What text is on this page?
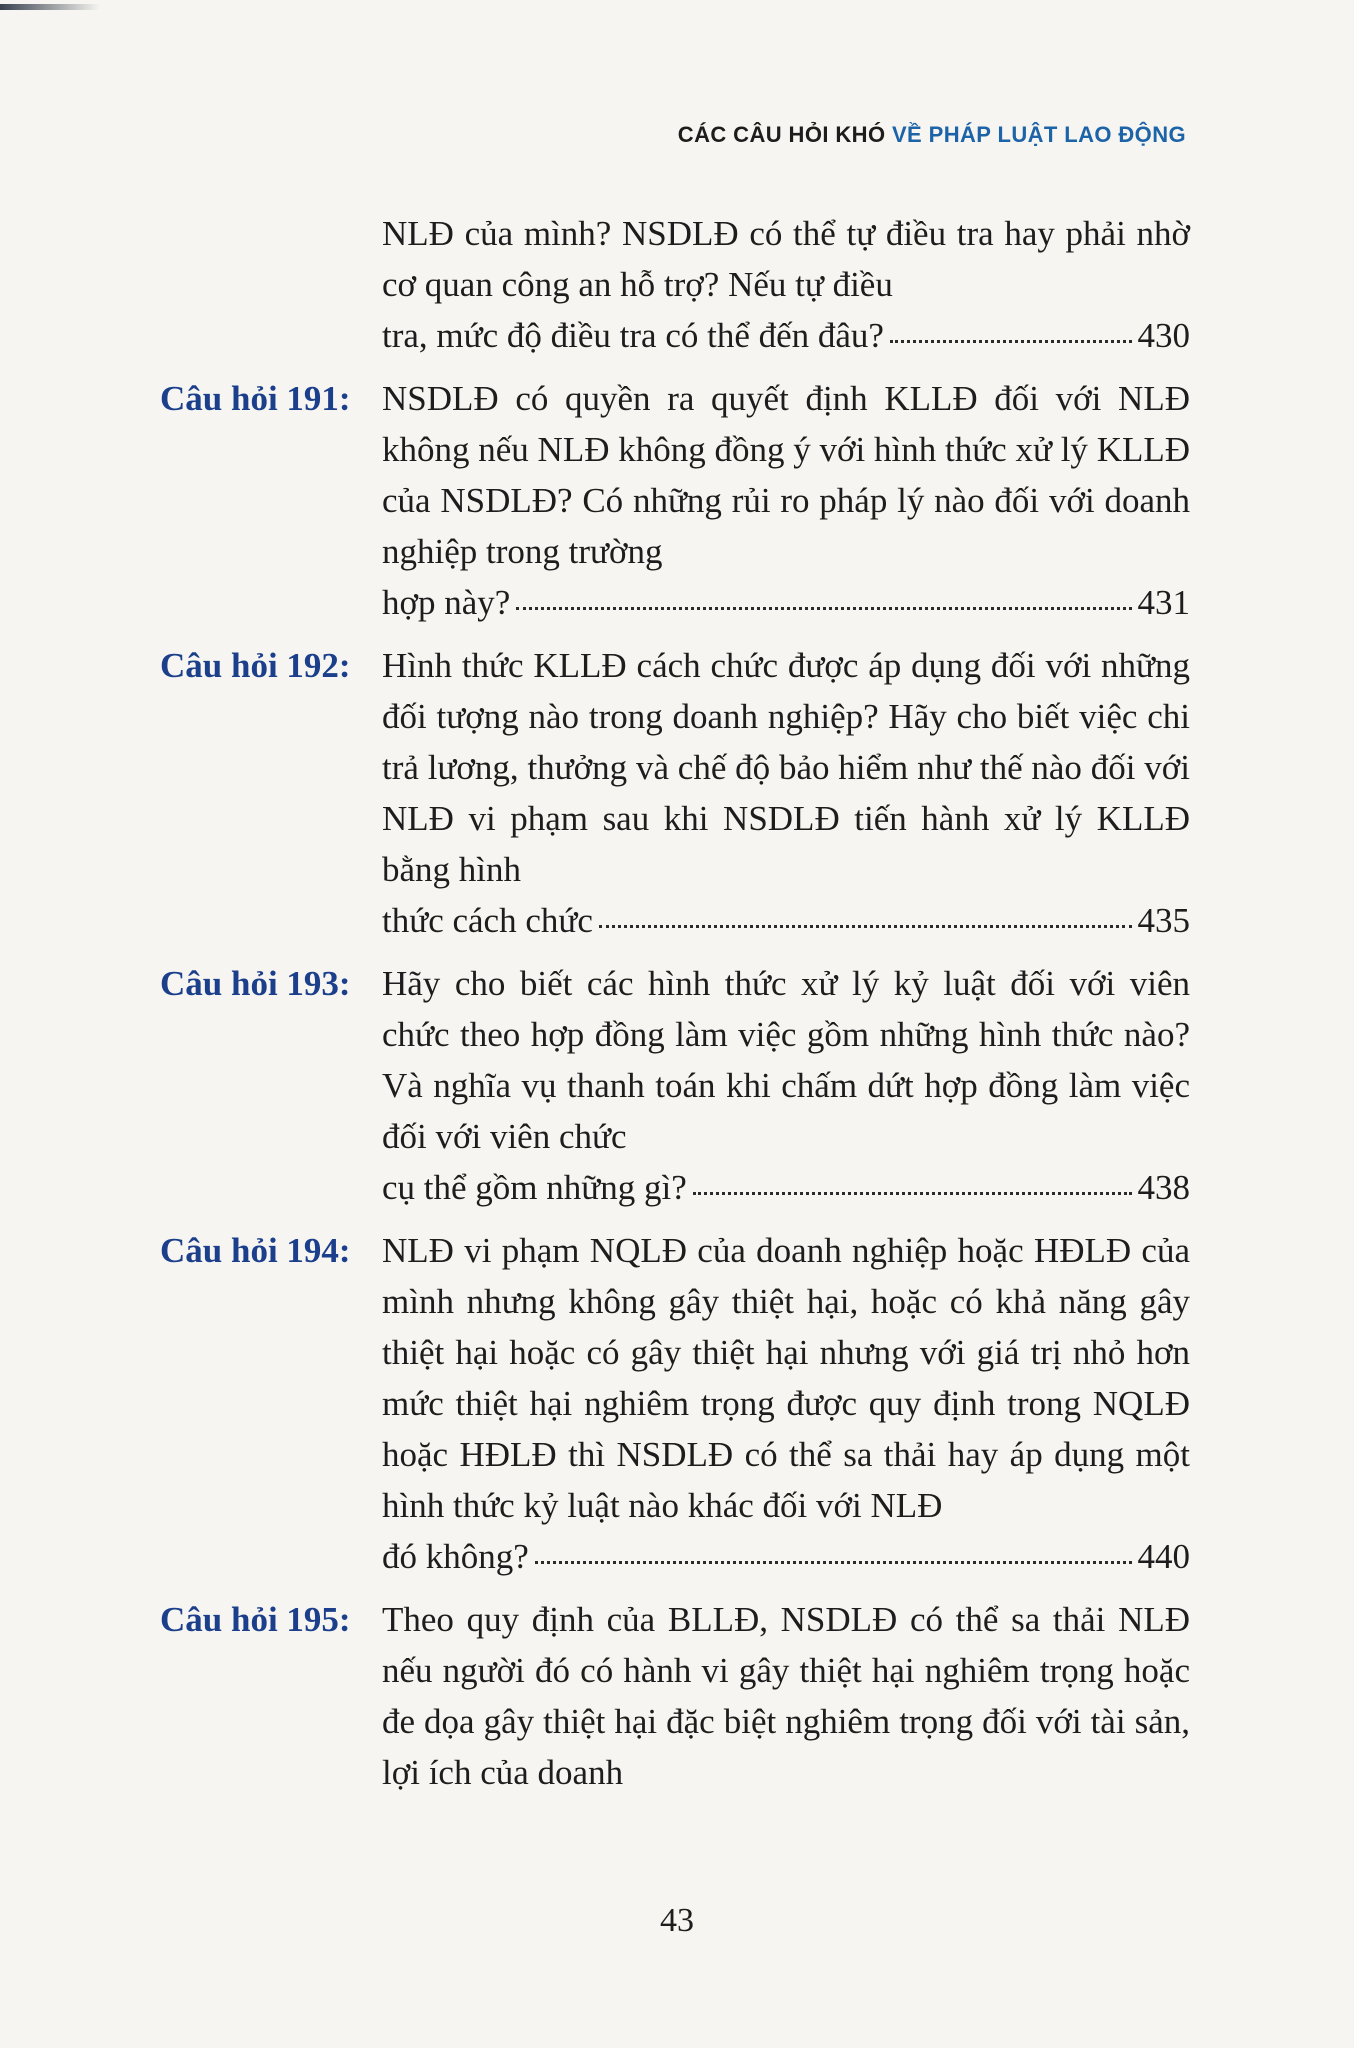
CÁC CÂU HỎI KHÓ VỀ PHÁP LUẬT LAO ĐỘNG
NLĐ của mình? NSDLĐ có thể tự điều tra hay phải nhờ cơ quan công an hỗ trợ? Nếu tự điều
tra, mức độ điều tra có thể đến đâu?	430
Câu hỏi 191: NSDLĐ có quyền ra quyết định KLLĐ đối với NLĐ không nếu NLĐ không đồng ý với hình thức xử lý KLLĐ của NSDLĐ? Có những rủi ro pháp lý nào đối với doanh nghiệp trong trường
hợp này?	431
Câu hỏi 192: Hình thức KLLĐ cách chức được áp dụng đối với những đối tượng nào trong doanh nghiệp? Hãy cho biết việc chi trả lương, thưởng và chế độ bảo hiểm như thế nào đối với NLĐ vi phạm sau khi NSDLĐ tiến hành xử lý KLLĐ bằng hình
thức cách chức	435
Câu hỏi 193: Hãy cho biết các hình thức xử lý kỷ luật đối với viên chức theo hợp đồng làm việc gồm những hình thức nào? Và nghĩa vụ thanh toán khi chấm dứt hợp đồng làm việc đối với viên chức
cụ thể gồm những gì?	438
Câu hỏi 194: NLĐ vi phạm NQLĐ của doanh nghiệp hoặc HĐLĐ của mình nhưng không gây thiệt hại, hoặc có khả năng gây thiệt hại hoặc có gây thiệt hại nhưng với giá trị nhỏ hơn mức thiệt hại nghiêm trọng được quy định trong NQLĐ hoặc HĐLĐ thì NSDLĐ có thể sa thải hay áp dụng một hình thức kỷ luật nào khác đối với NLĐ
đó không?	440
Câu hỏi 195: Theo quy định của BLLĐ, NSDLĐ có thể sa thải NLĐ nếu người đó có hành vi gây thiệt hại nghiêm trọng hoặc đe dọa gây thiệt hại đặc biệt nghiêm trọng đối với tài sản, lợi ích của doanh
43
